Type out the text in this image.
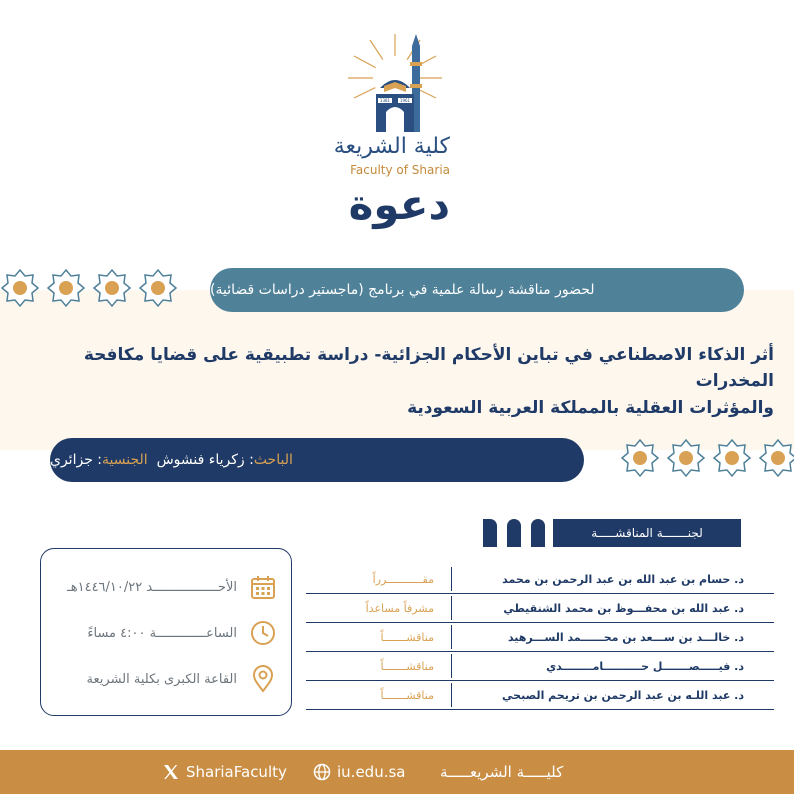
1381 1961
كلية الشريعة
Faculty of Sharia
دعوة
لحضور مناقشة رسالة علمية في برنامج (ماجستير دراسات قضائية)
أثر الذكاء الاصطناعي في تباين الأحكام الجزائية- دراسة تطبيقية على قضايا مكافحة المخدرات
والمؤثرات العقلية بالمملكة العربية السعودية
الباحث
: زكرياء فنشوش

الجنسية
: جزائري
لجنـــــــة المناقشـــــة
د. حسام بن عبد الله بن عبد الرحمن بن محمد
مقـــــــــــرراً
د. عبد الله بن محفـــوظ بن محمد الشنقيطي
مشرفاً مساعداً
د. خالـــد بن ســـعد بن محــــــمد الســـرهيد
مناقشـــــــاً
د. فيـــــصـــــــل حــــــــــامــــــــدي
مناقشـــــــاً
د. عبد اللـه بن عبد الرحمن بن تريحم الصبحي
مناقشـــــــاً
الأحـــــــــــــــــد ١٤٤٦/١٠/٢٢هـ
الساعـــــــــــــة ٤:٠٠ مساءً
القاعة الكبرى بكلية الشريعة
ShariaFaculty	iu.edu.sa كليـــــة الشريعـــــة
